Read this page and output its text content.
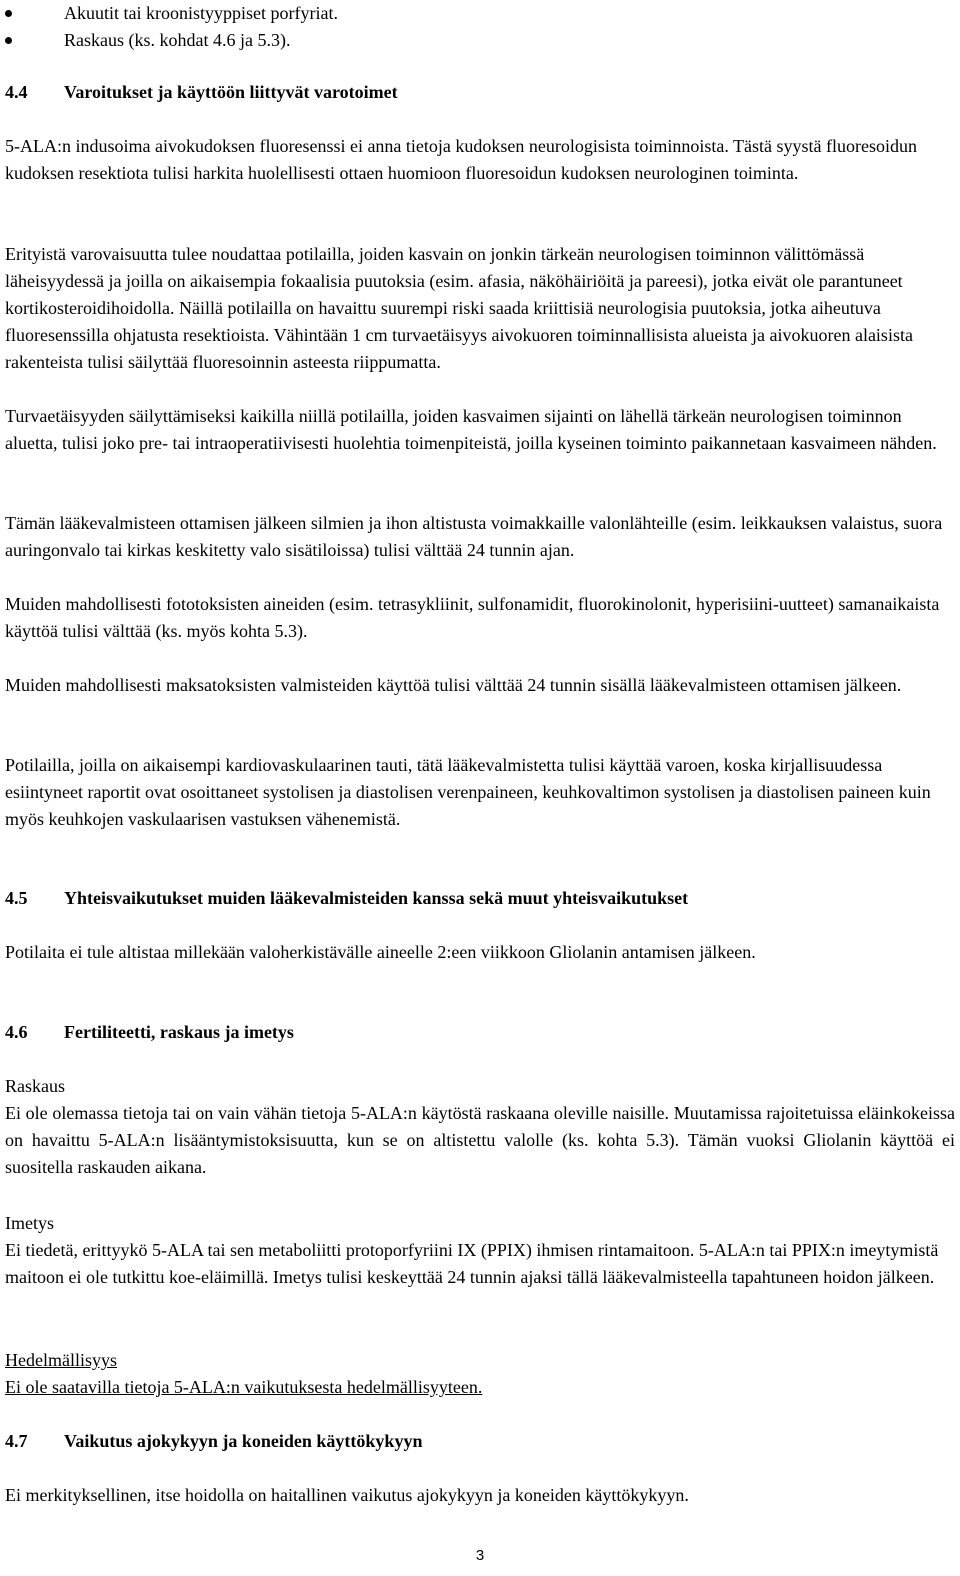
Akuutit tai kroonistyyppiset porfyriat.
Raskaus (ks. kohdat 4.6 ja 5.3).
4.4 Varoitukset ja käyttöön liittyvät varotoimet

5-ALA:n indusoima aivokudoksen fluoresenssi ei anna tietoja kudoksen neurologisista toiminnoista. Tästä syystä fluoresoidun kudoksen resektiota tulisi harkita huolellisesti ottaen huomioon fluoresoidun kudoksen neurologinen toiminta.

Erityistä varovaisuutta tulee noudattaa potilailla, joiden kasvain on jonkin tärkeän neurologisen toiminnon välittömässä läheisyydessä ja joilla on aikaisempia fokaalisia puutoksia (esim. afasia, näköhäiriöitä ja pareesi), jotka eivät ole parantuneet kortikosteroidihoidolla. Näillä potilailla on havaittu suurempi riski saada kriittisiä neurologisia puutoksia, jotka aiheutuva fluoresenssilla ohjatusta resektioista. Vähintään 1 cm turvaetäisyys aivokuoren toiminnallisista alueista ja aivokuoren alaisista rakenteista tulisi säilyttää fluoresoinnin asteesta riippumatta.

Turvaetäisyyden säilyttämiseksi kaikilla niillä potilailla, joiden kasvaimen sijainti on lähellä tärkeän neurologisen toiminnon aluetta, tulisi joko pre- tai intraoperatiivisesti huolehtia toimenpiteistä, joilla kyseinen toiminto paikannetaan kasvaimeen nähden.

Tämän lääkevalmisteen ottamisen jälkeen silmien ja ihon altistusta voimakkaille valonlähteille (esim. leikkauksen valaistus, suora auringonvalo tai kirkas keskitetty valo sisätiloissa) tulisi välttää 24 tunnin ajan.

Muiden mahdollisesti fototoksisten aineiden (esim. tetrasykliinit, sulfonamidit, fluorokinolonit, hyperisiini-uutteet) samanaikaista käyttöä tulisi välttää (ks. myös kohta 5.3).

Muiden mahdollisesti maksatoksisten valmisteiden käyttöä tulisi välttää 24 tunnin sisällä lääkevalmisteen ottamisen jälkeen.

Potilailla, joilla on aikaisempi kardiovaskulaarinen tauti, tätä lääkevalmistetta tulisi käyttää varoen, koska kirjallisuudessa esiintyneet raportit ovat osoittaneet systolisen ja diastolisen verenpaineen, keuhkovaltimon systolisen ja diastolisen paineen kuin myös keuhkojen vaskulaarisen vastuksen vähenemistä.

4.5 Yhteisvaikutukset muiden lääkevalmisteiden kanssa sekä muut yhteisvaikutukset

Potilaita ei tule altistaa millekään valoherkistävälle aineelle 2:een viikkoon Gliolanin antamisen jälkeen.

4.6 Fertiliteetti, raskaus ja imetys
Raskaus

Ei ole olemassa tietoja tai on vain vähän tietoja 5-ALA:n käytöstä raskaana oleville naisille. Muutamissa rajoitetuissa eläinkokeissa on havaittu 5-ALA:n lisääntymistoksisuutta, kun se on altistettu valolle (ks. kohta 5.3). Tämän vuoksi Gliolanin käyttöä ei suositella raskauden aikana.

Imetys

Ei tiedetä, erittyykö 5-ALA tai sen metaboliitti protoporfyriini IX (PPIX) ihmisen rintamaitoon. 5-ALA:n tai PPIX:n imeytymistä maitoon ei ole tutkittu koe-eläimillä. Imetys tulisi keskeyttää 24 tunnin ajaksi tällä lääkevalmisteella tapahtuneen hoidon jälkeen.

Hedelmällisyys

Ei ole saatavilla tietoja 5-ALA:n vaikutuksesta hedelmällisyyteen.

4.7 Vaikutus ajokykyyn ja koneiden käyttökykyyn

Ei merkityksellinen, itse hoidolla on haitallinen vaikutus ajokykyyn ja koneiden käyttökykyyn.

3
